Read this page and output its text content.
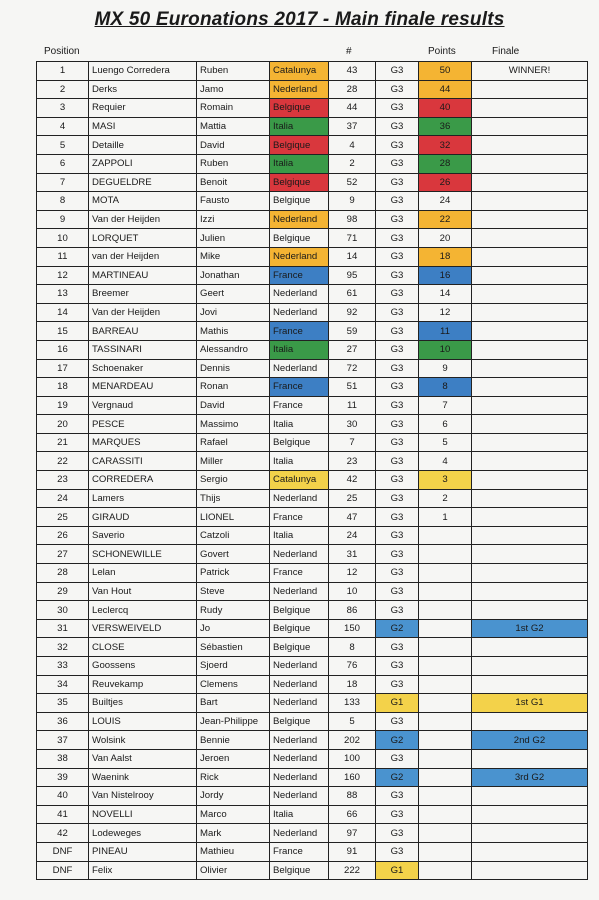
MX 50 Euronations 2017 - Main finale results
Position	#	Points	Finale
1	Luengo Corredera	Ruben	Catalunya	43	G3	50	WINNER!
2	Derks	Jamo	Nederland	28	G3	44	
3	Requier	Romain	Belgique	44	G3	40	
4	MASI	Mattia	Italia	37	G3	36	
5	Detaille	David	Belgique	4	G3	32	
6	ZAPPOLI	Ruben	Italia	2	G3	28	
7	DEGUELDRE	Benoit	Belgique	52	G3	26	
8	MOTA	Fausto	Belgique	9	G3	24	
9	Van der Heijden	Izzi	Nederland	98	G3	22	
10	LORQUET	Julien	Belgique	71	G3	20	
11	van der Heijden	Mike	Nederland	14	G3	18	
12	MARTINEAU	Jonathan	France	95	G3	16	
13	Breemer	Geert	Nederland	61	G3	14	
14	Van der Heijden	Jovi	Nederland	92	G3	12	
15	BARREAU	Mathis	France	59	G3	11	
16	TASSINARI	Alessandro	Italia	27	G3	10	
17	Schoenaker	Dennis	Nederland	72	G3	9	
18	MENARDEAU	Ronan	France	51	G3	8	
19	Vergnaud	David	France	11	G3	7	
20	PESCE	Massimo	Italia	30	G3	6	
21	MARQUES	Rafael	Belgique	7	G3	5	
22	CARASSITI	Miller	Italia	23	G3	4	
23	CORREDERA	Sergio	Catalunya	42	G3	3	
24	Lamers	Thijs	Nederland	25	G3	2	
25	GIRAUD	LIONEL	France	47	G3	1	
26	Saverio	Catzoli	Italia	24	G3		
27	SCHONEWILLE	Govert	Nederland	31	G3		
28	Lelan	Patrick	France	12	G3		
29	Van Hout	Steve	Nederland	10	G3		
30	Leclercq	Rudy	Belgique	86	G3		
31	VERSWEIVELD	Jo	Belgique	150	G2		1st G2
32	CLOSE	Sébastien	Belgique	8	G3		
33	Goossens	Sjoerd	Nederland	76	G3		
34	Reuvekamp	Clemens	Nederland	18	G3		
35	Builtjes	Bart	Nederland	133	G1		1st G1
36	LOUIS	Jean-Philippe	Belgique	5	G3		
37	Wolsink	Bennie	Nederland	202	G2		2nd G2
38	Van Aalst	Jeroen	Nederland	100	G3		
39	Waenink	Rick	Nederland	160	G2		3rd G2
40	Van Nistelrooy	Jordy	Nederland	88	G3		
41	NOVELLI	Marco	Italia	66	G3		
42	Lodeweges	Mark	Nederland	97	G3		
DNF	PINEAU	Mathieu	France	91	G3		
DNF	Felix	Olivier	Belgique	222	G1		
